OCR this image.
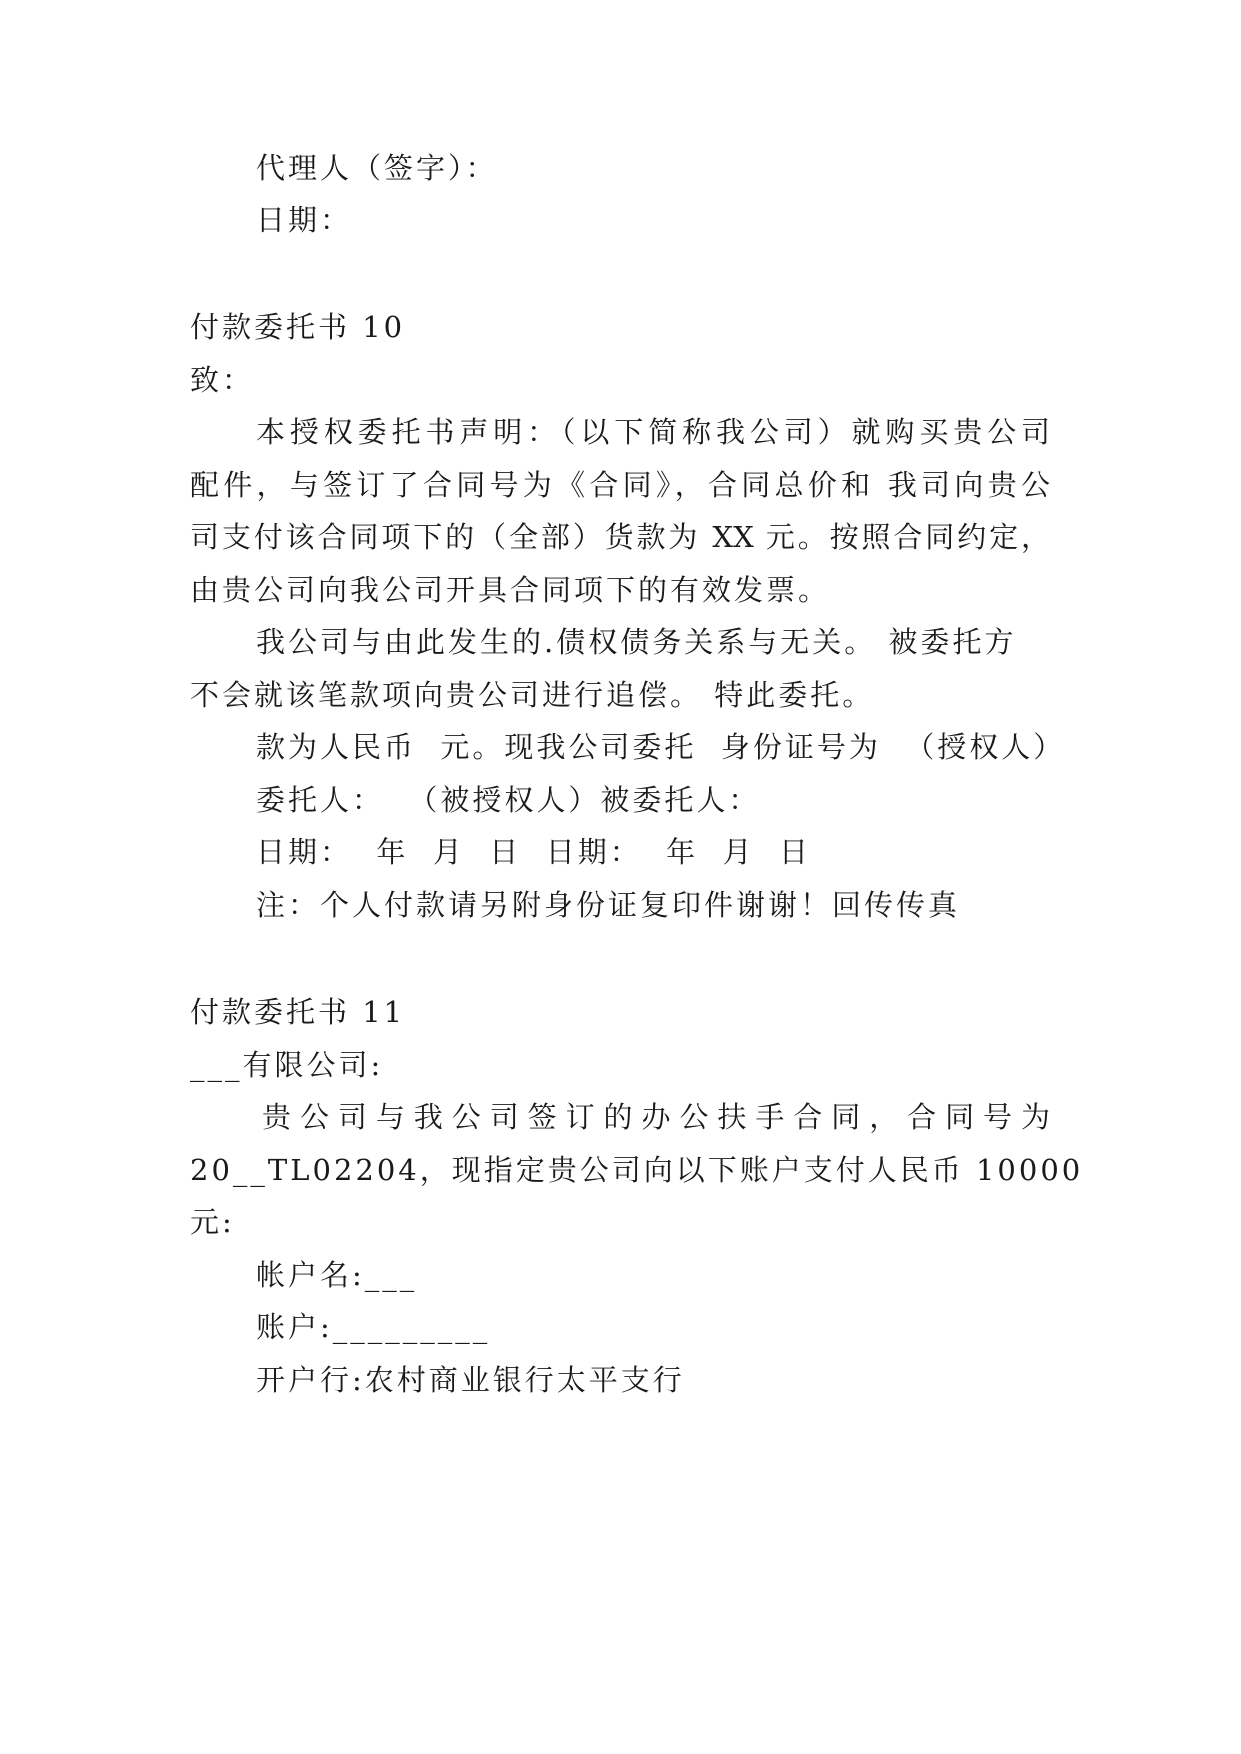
代理人（签字）：
日期：
付款委托书 10
致：
本授权委托书声明：（以下简称我公司）就购买贵公司
配件，与签订了合同号为《合同》，合同总价和 我司向贵公
司支付该合同项下的（全部）货款为 XX 元。按照合同约定，
由贵公司向我公司开具合同项下的有效发票。
我公司与由此发生的.债权债务关系与无关。 被委托方
不会就该笔款项向贵公司进行追偿。 特此委托。
款为人民币  元。现我公司委托  身份证号为  （授权人）
委托人：  （被授权人）被委托人：
日期：  年  月  日  日期：  年  月  日
注：个人付款请另附身份证复印件谢谢！回传传真
付款委托书 11
___有限公司:
贵公司与我公司签订的办公扶手合同，合同号为
20__TL02204，现指定贵公司向以下账户支付人民币 10000
元:
帐户名:___
账户:_________
开户行:农村商业银行太平支行
